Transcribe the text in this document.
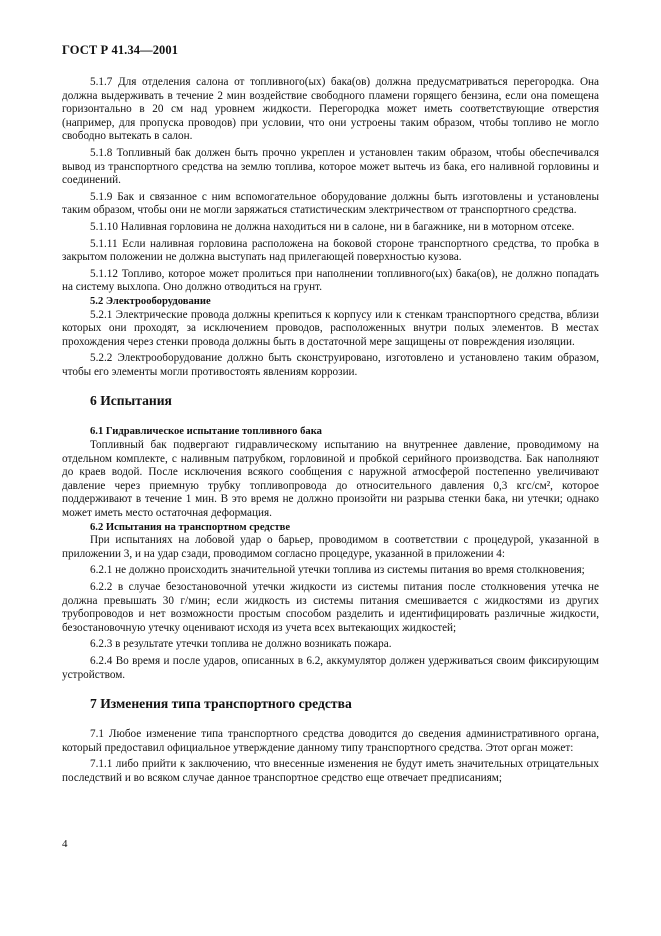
ГОСТ Р 41.34—2001

5.1.7 Для отделения салона от топливного(ых) бака(ов) должна предусматриваться перегородка. Она должна выдерживать в течение 2 мин воздействие свободного пламени горящего бензина, если она помещена горизонтально в 20 см над уровнем жидкости. Перегородка может иметь соответствующие отверстия (например, для пропуска проводов) при условии, что они устроены таким образом, чтобы топливо не могло свободно вытекать в салон.

5.1.8 Топливный бак должен быть прочно укреплен и установлен таким образом, чтобы обеспечивался вывод из транспортного средства на землю топлива, которое может вытечь из бака, его наливной горловины и соединений.

5.1.9 Бак и связанное с ним вспомогательное оборудование должны быть изготовлены и установлены таким образом, чтобы они не могли заряжаться статистическим электричеством от транспортного средства.

5.1.10 Наливная горловина не должна находиться ни в салоне, ни в багажнике, ни в моторном отсеке.

5.1.11 Если наливная горловина расположена на боковой стороне транспортного средства, то пробка в закрытом положении не должна выступать над прилегающей поверхностью кузова.

5.1.12 Топливо, которое может пролиться при наполнении топливного(ых) бака(ов), не должно попадать на систему выхлопа. Оно должно отводиться на грунт.

5.2 Электрооборудование

5.2.1 Электрические провода должны крепиться к корпусу или к стенкам транспортного средства, вблизи которых они проходят, за исключением проводов, расположенных внутри полых элементов. В местах прохождения через стенки провода должны быть в достаточной мере защищены от повреждения изоляции.

5.2.2 Электрооборудование должно быть сконструировано, изготовлено и установлено таким образом, чтобы его элементы могли противостоять явлениям коррозии.

6 Испытания

6.1 Гидравлическое испытание топливного бака

Топливный бак подвергают гидравлическому испытанию на внутреннее давление, проводимому на отдельном комплекте, с наливным патрубком, горловиной и пробкой серийного производства. Бак наполняют до краев водой. После исключения всякого сообщения с наружной атмосферой постепенно увеличивают давление через приемную трубку топливопровода до относительного давления 0,3 кгс/см², которое поддерживают в течение 1 мин. В это время не должно произойти ни разрыва стенки бака, ни утечки; однако может иметь место остаточная деформация.

6.2 Испытания на транспортном средстве

При испытаниях на лобовой удар о барьер, проводимом в соответствии с процедурой, указанной в приложении 3, и на удар сзади, проводимом согласно процедуре, указанной в приложении 4:

6.2.1 не должно происходить значительной утечки топлива из системы питания во время столкновения;

6.2.2 в случае безостановочной утечки жидкости из системы питания после столкновения утечка не должна превышать 30 г/мин; если жидкость из системы питания смешивается с жидкостями из других трубопроводов и нет возможности простым способом разделить и идентифицировать различные жидкости, безостановочную утечку оценивают исходя из учета всех вытекающих жидкостей;

6.2.3 в результате утечки топлива не должно возникать пожара.

6.2.4 Во время и после ударов, описанных в 6.2, аккумулятор должен удерживаться своим фиксирующим устройством.

7 Изменения типа транспортного средства

7.1 Любое изменение типа транспортного средства доводится до сведения административного органа, который предоставил официальное утверждение данному типу транспортного средства. Этот орган может:

7.1.1 либо прийти к заключению, что внесенные изменения не будут иметь значительных отрицательных последствий и во всяком случае данное транспортное средство еще отвечает предписаниям;

4
